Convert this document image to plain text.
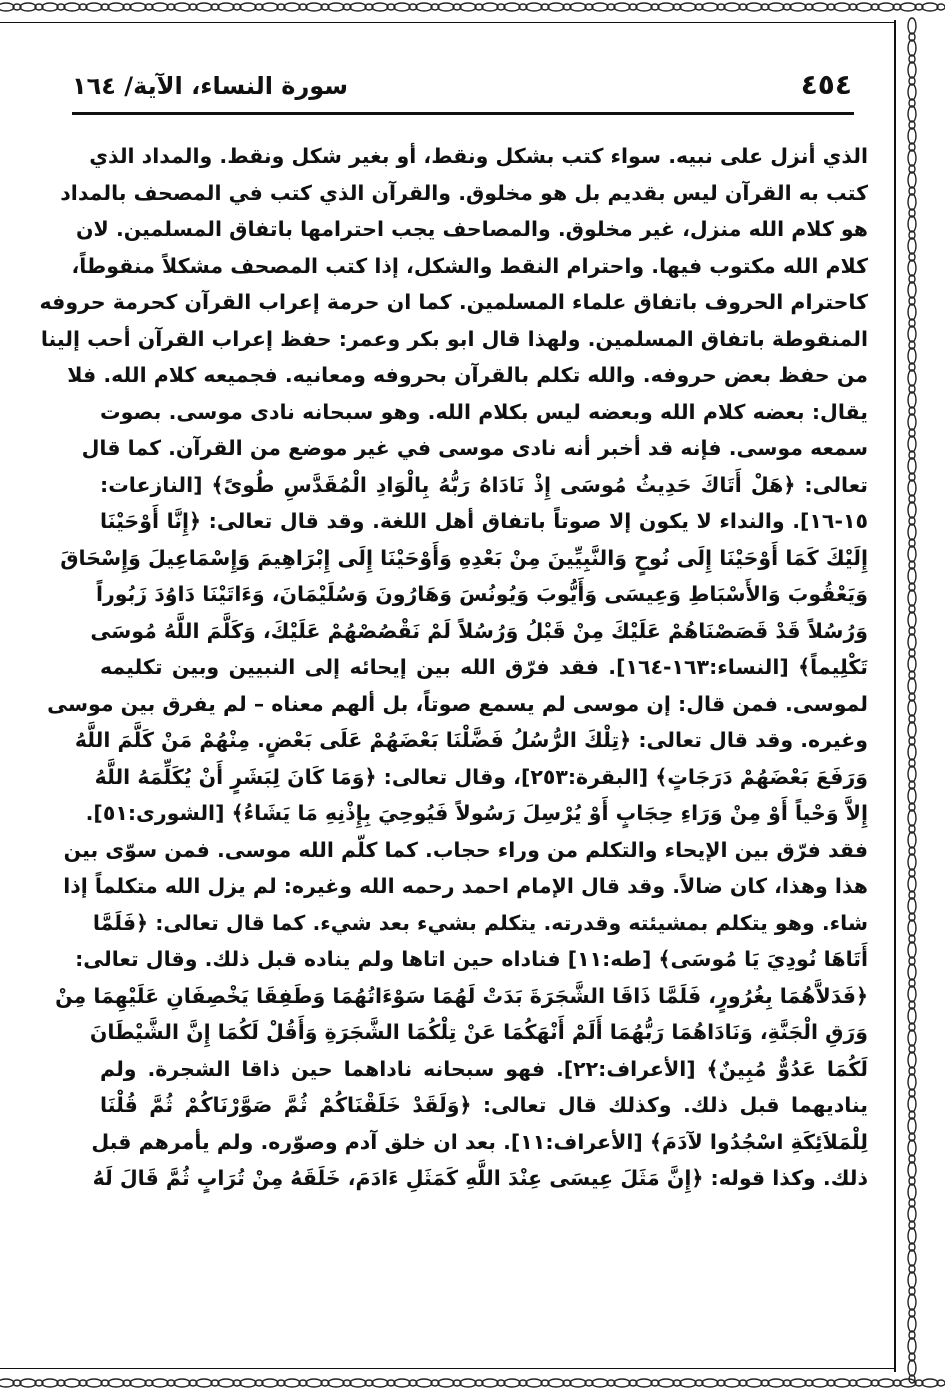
٤٥٤
سورة النساء، الآية/ ١٦٤
الذي أنزل على نبيه. سواء كتب بشكل ونقط، أو بغير شكل ونقط. والمداد الذي
كتب به القرآن ليس بقديم بل هو مخلوق. والقرآن الذي كتب في المصحف بالمداد
هو كلام الله منزل، غير مخلوق. والمصاحف يجب احترامها باتفاق المسلمين. لان
كلام الله مكتوب فيها. واحترام النقط والشكل، إذا كتب المصحف مشكلاً منقوطاً،
كاحترام الحروف باتفاق علماء المسلمين. كما ان حرمة إعراب القرآن كحرمة حروفه
المنقوطة باتفاق المسلمين. ولهذا قال ابو بكر وعمر: حفظ إعراب القرآن أحب إلينا
من حفظ بعض حروفه. والله تكلم بالقرآن بحروفه ومعانيه. فجميعه كلام الله. فلا
يقال: بعضه كلام الله وبعضه ليس بكلام الله. وهو سبحانه نادى موسى. بصوت
سمعه موسى. فإنه قد أخبر أنه نادى موسى في غير موضع من القرآن. كما قال
تعالى: ﴿هَلْ أَتَاكَ حَدِيثُ مُوسَى إِذْ نَادَاهُ رَبُّهُ بِالْوَادِ الْمُقَدَّسِ طُوىً﴾ [النازعات:
١٥-١٦]. والنداء لا يكون إلا صوتاً باتفاق أهل اللغة. وقد قال تعالى: ﴿إِنَّا أَوْحَيْنَا
إِلَيْكَ كَمَا أَوْحَيْنَا إِلَى نُوحٍ وَالنَّبِيِّينَ مِنْ بَعْدِهِ وَأَوْحَيْنَا إِلَى إِبْرَاهِيمَ وَإِسْمَاعِيلَ وَإِسْحَاقَ
وَيَعْقُوبَ وَالأَسْبَاطِ وَعِيسَى وَأَيُّوبَ وَيُونُسَ وَهَارُونَ وَسُلَيْمَانَ، وَءَاتَيْنَا دَاوُدَ زَبُوراً
وَرُسُلاً قَدْ قَصَصْنَاهُمْ عَلَيْكَ مِنْ قَبْلُ وَرُسُلاً لَمْ نَقْصُصْهُمْ عَلَيْكَ، وَكَلَّمَ اللَّهُ مُوسَى
تَكْلِيماً﴾ [النساء:١٦٣-١٦٤]. فقد فرّق الله بين إيحائه إلى النبيين وبين تكليمه
لموسى. فمن قال: إن موسى لم يسمع صوتاً، بل ألهم معناه – لم يفرق بين موسى
وغيره. وقد قال تعالى: ﴿تِلْكَ الرُّسُلُ فَضَّلْنَا بَعْضَهُمْ عَلَى بَعْضٍ. مِنْهُمْ مَنْ كَلَّمَ اللَّهُ
وَرَفَعَ بَعْضَهُمْ دَرَجَاتٍ﴾ [البقرة:٢٥٣]، وقال تعالى: ﴿وَمَا كَانَ لِبَشَرٍ أَنْ يُكَلِّمَهُ اللَّهُ
إِلاَّ وَحْياً أَوْ مِنْ وَرَاءِ حِجَابٍ أَوْ يُرْسِلَ رَسُولاً فَيُوحِيَ بِإِذْنِهِ مَا يَشَاءُ﴾ [الشورى:٥١].
فقد فرّق بين الإيحاء والتكلم من وراء حجاب. كما كلّم الله موسى. فمن سوّى بين
هذا وهذا، كان ضالاً. وقد قال الإمام احمد رحمه الله وغيره: لم يزل الله متكلماً إذا
شاء. وهو يتكلم بمشيئته وقدرته. يتكلم بشيء بعد شيء. كما قال تعالى: ﴿فَلَمَّا
أَتَاهَا نُودِيَ يَا مُوسَى﴾ [طه:١١] فناداه حين اتاها ولم يناده قبل ذلك. وقال تعالى:
﴿فَدَلاَّهُمَا بِغُرُورٍ، فَلَمَّا ذَاقَا الشَّجَرَةَ بَدَتْ لَهُمَا سَوْءَاتُهُمَا وَطَفِقَا يَخْصِفَانِ عَلَيْهِمَا مِنْ
وَرَقِ الْجَنَّةِ، وَنَادَاهُمَا رَبُّهُمَا أَلَمْ أَنْهَكُمَا عَنْ تِلْكُمَا الشَّجَرَةِ وَأَقُلْ لَكُمَا إِنَّ الشَّيْطَانَ
لَكُمَا عَدُوٌّ مُبِينٌ﴾ [الأعراف:٢٢]. فهو سبحانه ناداهما حين ذاقا الشجرة. ولم
يناديهما قبل ذلك. وكذلك قال تعالى: ﴿وَلَقَدْ خَلَقْنَاكُمْ ثُمَّ صَوَّرْنَاكُمْ ثُمَّ قُلْنَا
لِلْمَلاَئِكَةِ اسْجُدُوا لآدَمَ﴾ [الأعراف:١١]. بعد ان خلق آدم وصوّره. ولم يأمرهم قبل
ذلك. وكذا قوله: ﴿إِنَّ مَثَلَ عِيسَى عِنْدَ اللَّهِ كَمَثَلِ ءَادَمَ، خَلَقَهُ مِنْ تُرَابٍ ثُمَّ قَالَ لَهُ
